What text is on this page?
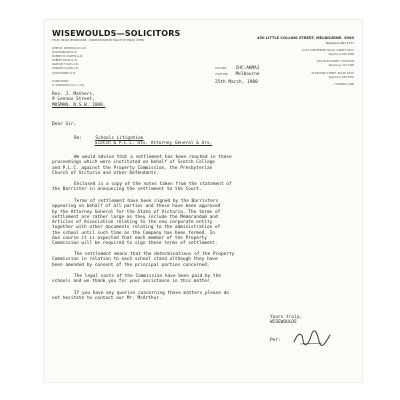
WISEWOULDS—SOLICITORS
TELEX 38402 MELBOURNE · CORRESPONDENT PRACTICE MAJOR CITIES
JAMES B. WISEWOULD LL.B.
JOHN DERHAM LL.B.
ROBERT M. MARTIN LL.B.
ROBERT DAVIS LL.B.
GRAHAM T. RAE LL.B.
HOWARD SALIN LL.B.
JOHN FARRER LL.B.

CONSULTANT
G. WISEWOULD Q.C. LL.B.
450 LITTLE COLLINS STREET, MELBOURNE. 3000
Telephone 602 5777
1/413 CANTERBURY ROAD, SURREY HILLS
Telephone 836 1688

1/63 MAIN STREET, CROYDON
Telephone 723 4466

58 SECOND STREET, BLACK ROCK
Telephone 589 5555

FLINDERS LANE
OUR REF. IHC:AKMAJ
YOUR REF. Melbourne
25th March, 1980
Rev. J. Mathers,
9 Lennox Street,
MOSMAN. N.S.W. 2088.
Dear Sir,
Re:	Schools Litigation
Scotch & P.L.C. ats. Attorney General & Ors.
We would advise that a settlement has been reached in these
proceedings which were instituted on behalf of Scotch College
and P.L.C. against the Property Commission, the Presbyterian
Church of Victoria and other Defendants.
Enclosed is a copy of the notes taken from the statement of
the Barrister in announcing the settlement to the Court.
Terms of settlement have been signed by the Barristers
appearing on behalf of all parties and these have been approved
by the Attorney General for the State of Victoria. The terms of
settlement are rather large as they include the Memorandum and
Articles of Association relating to the new corporate entity
together with other documents relating to the administration of
the school until such time as the Company has been formed. In
due course it is expected that each member of the Property
Commission will be required to sign these terms of settlement.
The settlement means that the determinations of the Property
Commission in relation to each school stand although they have
been amended by consent of the principal parties concerned.
The legal costs of the Commission have been paid by the
schools and we thank you for your assistance in this matter.
If you have any queries concerning these matters please do
not hesitate to contact our Mr. McArthur.
Yours truly,
WISEWOULDS
Per:
